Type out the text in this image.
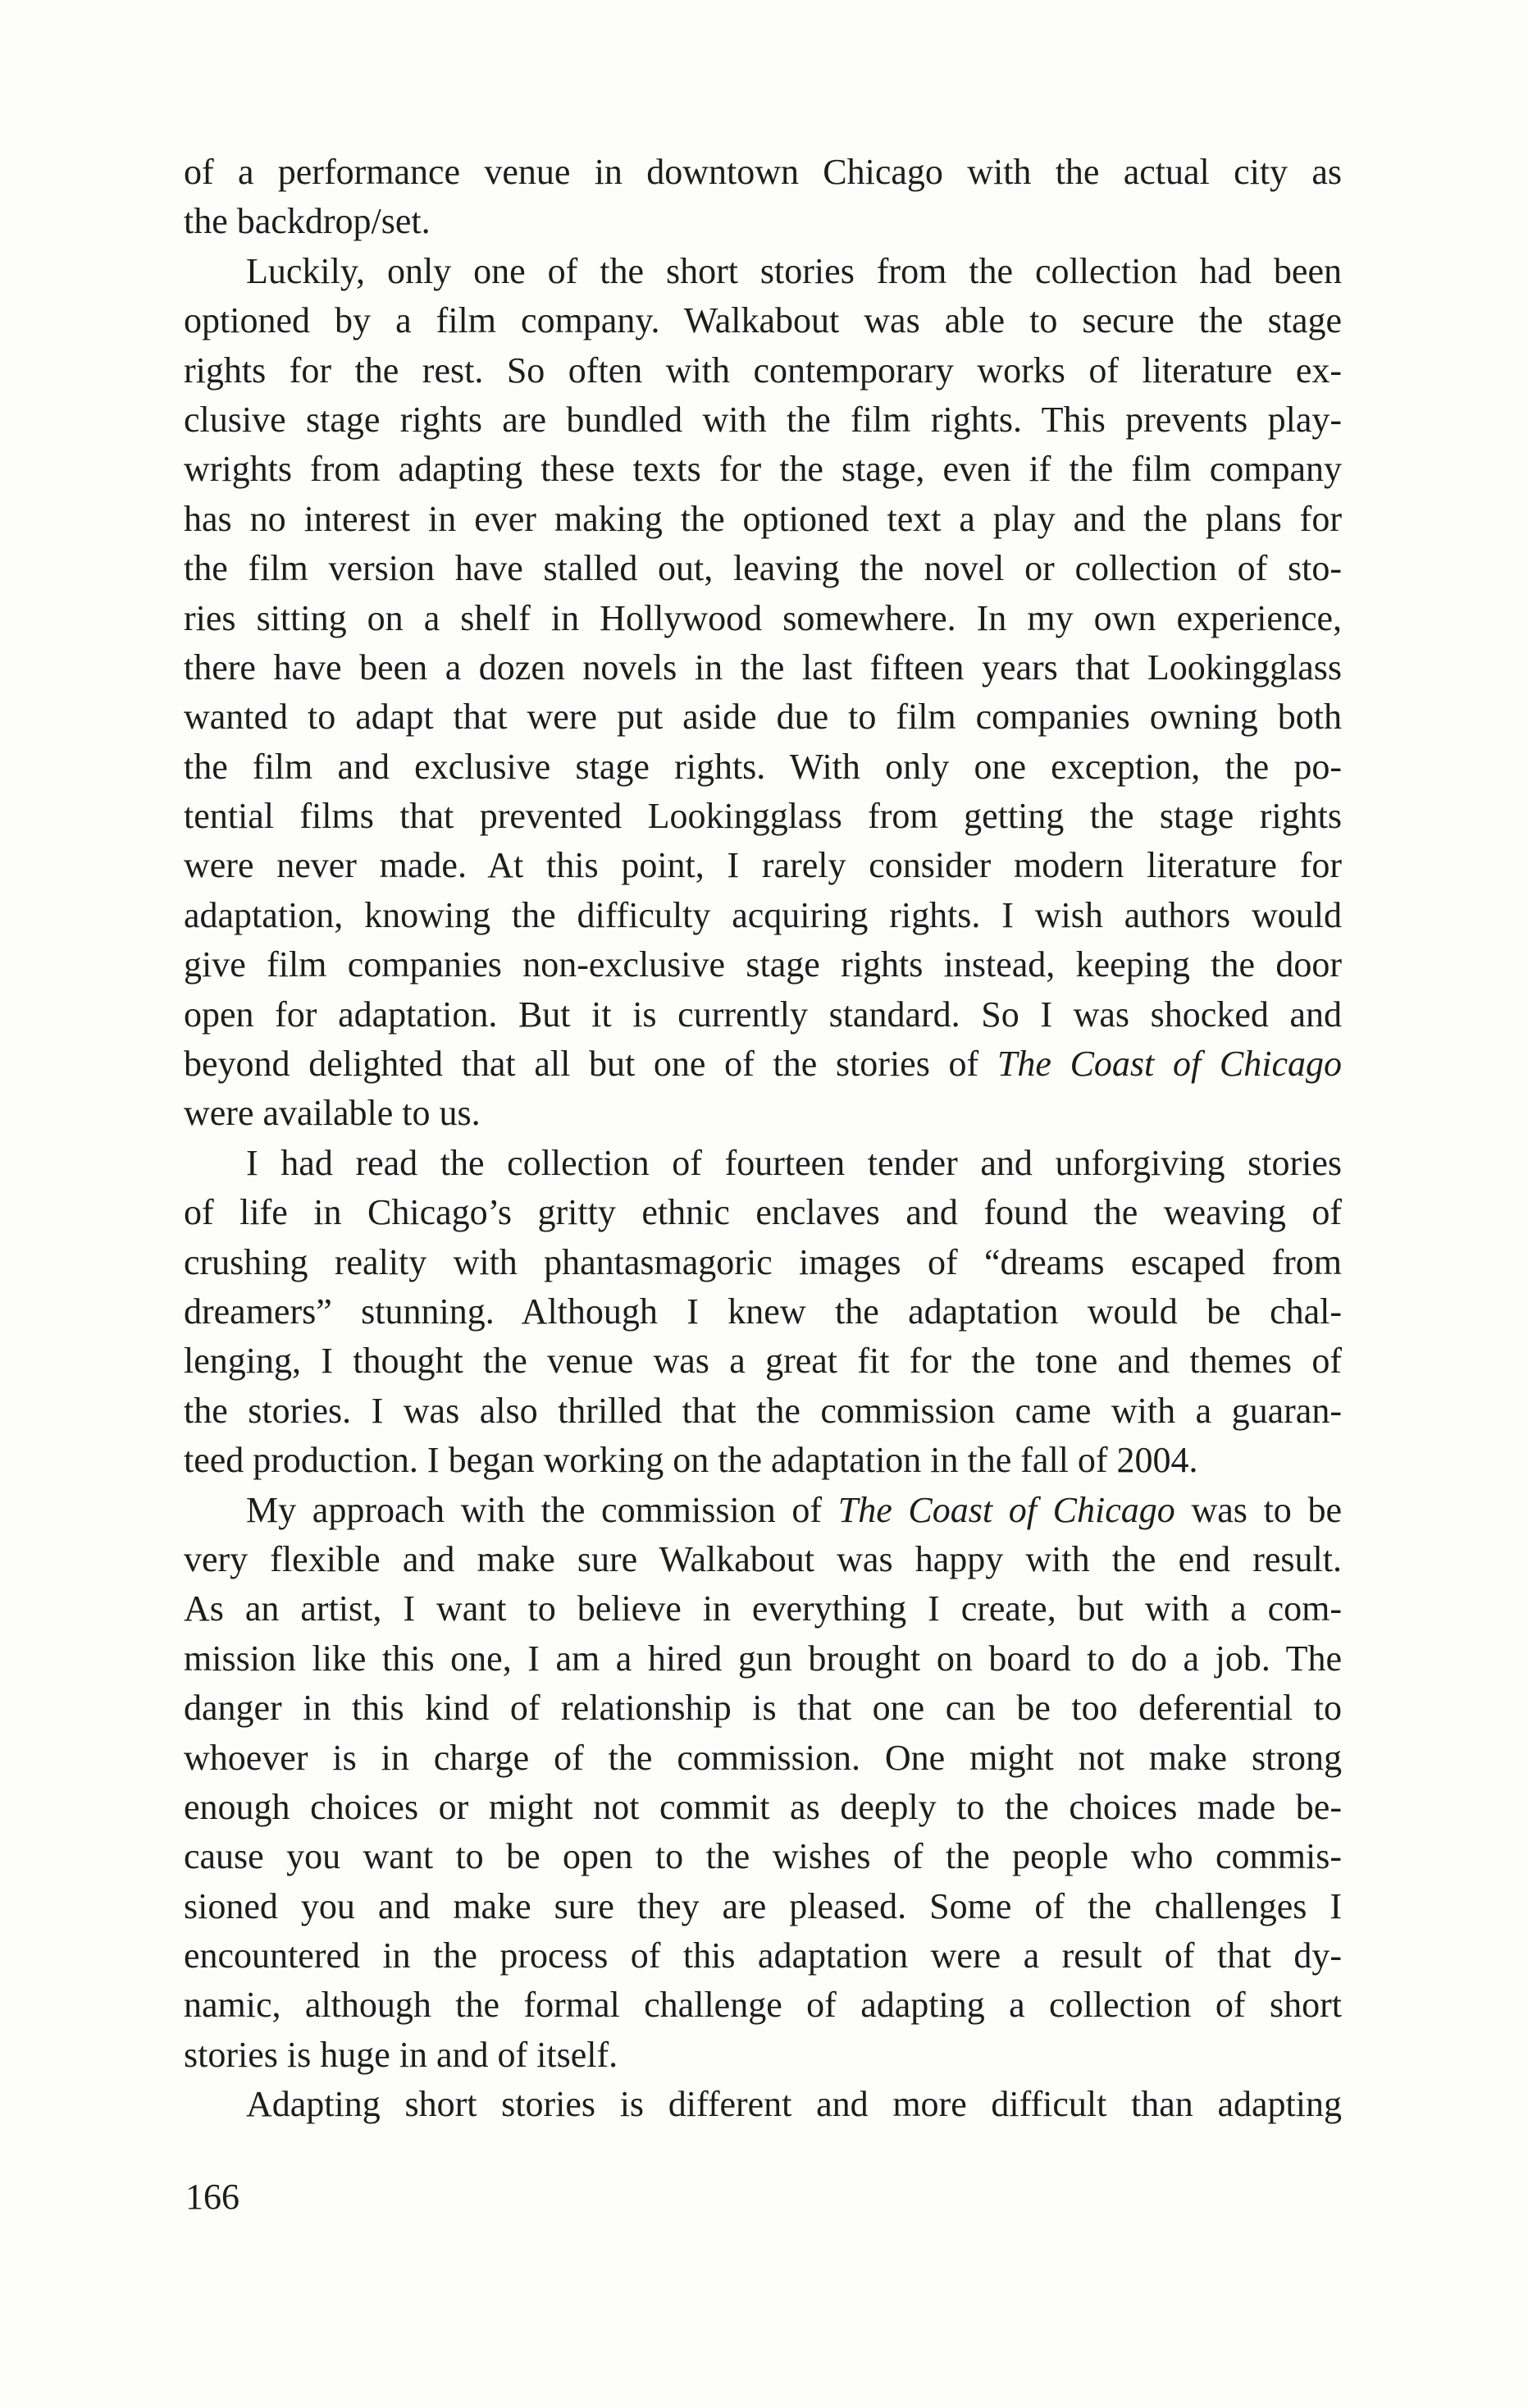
of a performance venue in downtown Chicago with the actual city as
the backdrop/set.
Luckily, only one of the short stories from the collection had been
optioned by a film company. Walkabout was able to secure the stage
rights for the rest. So often with contemporary works of literature ex-
clusive stage rights are bundled with the film rights. This prevents play-
wrights from adapting these texts for the stage, even if the film company
has no interest in ever making the optioned text a play and the plans for
the film version have stalled out, leaving the novel or collection of sto-
ries sitting on a shelf in Hollywood somewhere. In my own experience,
there have been a dozen novels in the last fifteen years that Lookingglass
wanted to adapt that were put aside due to film companies owning both
the film and exclusive stage rights. With only one exception, the po-
tential films that prevented Lookingglass from getting the stage rights
were never made. At this point, I rarely consider modern literature for
adaptation, knowing the difficulty acquiring rights. I wish authors would
give film companies non-exclusive stage rights instead, keeping the door
open for adaptation. But it is currently standard. So I was shocked and
beyond delighted that all but one of the stories of The Coast of Chicago
were available to us.
I had read the collection of fourteen tender and unforgiving stories
of life in Chicago’s gritty ethnic enclaves and found the weaving of
crushing reality with phantasmagoric images of “dreams escaped from
dreamers” stunning. Although I knew the adaptation would be chal-
lenging, I thought the venue was a great fit for the tone and themes of
the stories. I was also thrilled that the commission came with a guaran-
teed production. I began working on the adaptation in the fall of 2004.
My approach with the commission of The Coast of Chicago was to be
very flexible and make sure Walkabout was happy with the end result.
As an artist, I want to believe in everything I create, but with a com-
mission like this one, I am a hired gun brought on board to do a job. The
danger in this kind of relationship is that one can be too deferential to
whoever is in charge of the commission. One might not make strong
enough choices or might not commit as deeply to the choices made be-
cause you want to be open to the wishes of the people who commis-
sioned you and make sure they are pleased. Some of the challenges I
encountered in the process of this adaptation were a result of that dy-
namic, although the formal challenge of adapting a collection of short
stories is huge in and of itself.
Adapting short stories is different and more difficult than adapting
166
